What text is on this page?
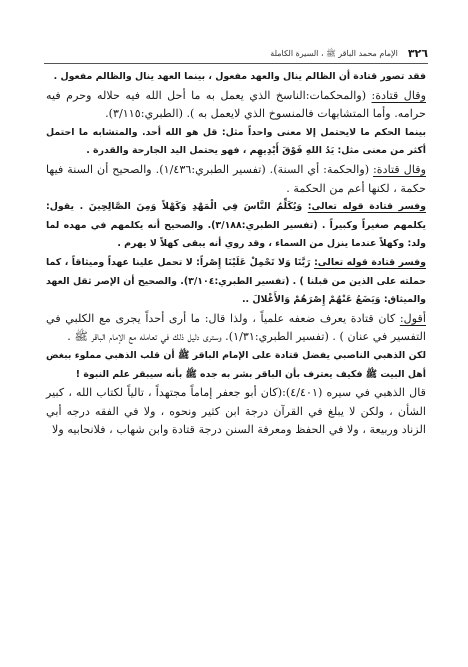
٣٢٦
الإمام محمد الباقر ﷺ ، السيرة الكاملة

فقد تصور قتادة أن الظالم ينال والعهد مفعول ، بينما العهد ينال والظالم مفعول .

وقال قتادة: (والمحكمات:الناسخ الذي يعمل به ما أحل الله فيه حلاله وحرم فيه حرامه. وأما المتشابهات فالمنسوخ الذي لايعمل به ). (الطبري:٣/١١٥).

بينما الحكم ما لايحتمل إلا معنى واحداً مثل: قل هو الله أحد. والمتشابه ما احتمل أكثر من معنى مثل: يَدُ اللهِ فَوْقَ أَيْدِيهِم ، فهو يحتمل اليد الجارحة والقدرة .

وقال قتادة: (والحكمة: أي السنة). (تفسير الطبري:١/٤٣٦). والصحيح أن السنة فيها حكمة ، لكنها أعم من الحكمة .

وفسر قتادة قوله تعالى: وَيُكَلِّمُ النَّاسَ فِي الْمَهْدِ وَكَهْلاً وَمِنَ الصَّالِحِينَ . يقول: يكلمهم صغيراً وكبيراً . (تفسير الطبري:٣/١٨٨). والصحيح أنه يكلمهم في مهده لما ولد: وكهلاً عندما ينزل من السماء ، وقد روي أنه يبقى كهلاً لا يهرم .

وفسر قتادة قوله تعالى: رَبَّنَا وَلا تَحْمِلْ عَلَيْنَا إِصْراً: لا تحمل علينا عهداً وميثاقاً ، كما حملته على الذين من قبلنا ) . (تفسير الطبري:٣/١٠٤). والصحيح أن الإصر ثقل العهد والميثاق: وَيَضَعُ عَنْهُمْ إِصْرَهُمْ وَالأَغْلالَ ..

أقول: كان قتادة يعرف ضعفه علمياً ، ولذا قال: ما أرى أحداً يجرى مع الكلبي في التفسير في عنان ) . (تفسير الطبري:١/٣١). وسترى دليل ذلك في تعامله مع الإمام الباقر ﷺ .

لكن الذهبي الناصبي يفضل قتادة على الإمام الباقر ﷺ أن قلب الذهبي مملوء ببغض أهل البيت ﷺ فكيف يعترف بأن الباقر بشر به جده ﷺ بأنه سيبقر علم النبوة !

قال الذهبي في سيره (٤/٤٠١):(كان أبو جعفر إماماً مجتهداً ، تالياً لكتاب الله ، كبير الشأن ، ولكن لا يبلغ في القرآن درجة ابن كثير ونحوه ، ولا في الفقه درجه أبي الزناد وربيعة ، ولا في الحفظ ومعرفة السنن درجة قتادة وابن شهاب ، فلانحابيه ولا
